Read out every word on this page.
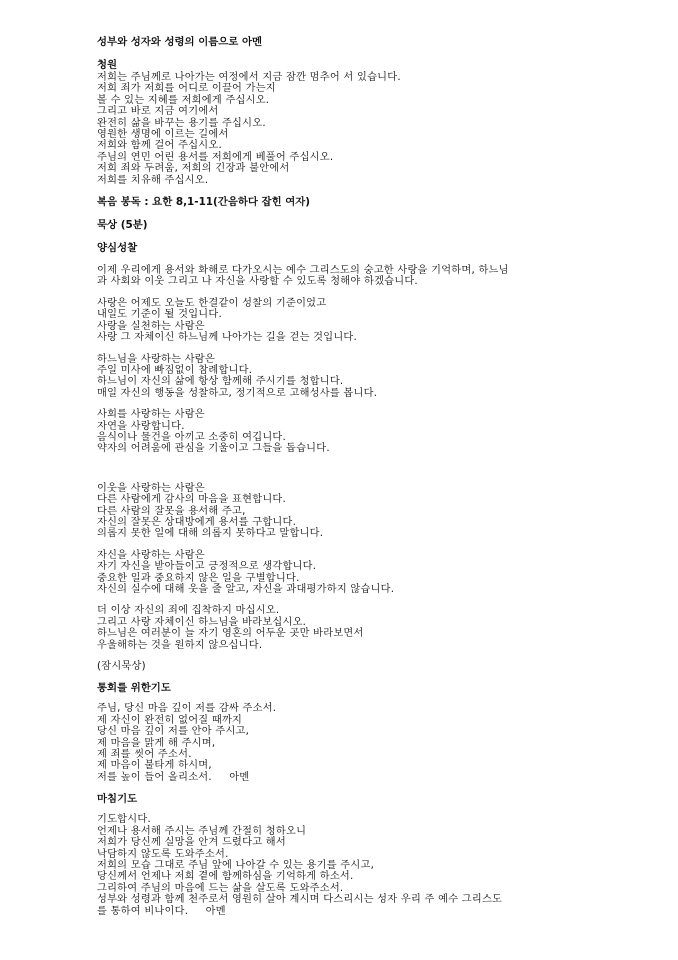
성부와 성자와 성령의 이름으로 아멘
청원
저희는 주님께로 나아가는 여정에서 지금 잠깐 멈추어 서 있습니다.
저희 죄가 저희를 어디로 이끌어 가는지
볼 수 있는 지혜를 저희에게 주십시오.
그리고 바로 지금 여기에서
완전히 삶을 바꾸는 용기를 주십시오.
영원한 생명에 이르는 길에서
저희와 함께 걸어 주십시오.
주님의 연민 어린 용서를 저희에게 베풀어 주십시오.
저희 죄와 두려움, 저희의 긴장과 불안에서
저희를 치유해 주십시오.
복음 봉독 : 요한 8,1-11(간음하다 잡힌 여자)
묵상 (5분)
양심성찰
이제 우리에게 용서와 화해로 다가오시는 예수 그리스도의 숭고한 사랑을 기억하며, 하느님
과 사회와 이웃 그리고 나 자신을 사랑할 수 있도록 청해야 하겠습니다.
사랑은 어제도 오늘도 한결같이 성찰의 기준이었고
내일도 기준이 될 것입니다.
사랑을 실천하는 사람은
사랑 그 자체이신 하느님께 나아가는 길을 걷는 것입니다.
하느님을 사랑하는 사람은
주일 미사에 빠짐없이 참례합니다.
하느님이 자신의 삶에 항상 함께해 주시기를 청합니다.
매일 자신의 행동을 성찰하고, 정기적으로 고해성사를 봅니다.
사회를 사랑하는 사람은
자연을 사랑합니다.
음식이나 물건을 아끼고 소중히 여깁니다.
약자의 어려움에 관심을 기울이고 그들을 돕습니다.
이웃을 사랑하는 사람은
다른 사람에게 감사의 마음을 표현합니다.
다른 사람의 잘못을 용서해 주고,
자신의 잘못은 상대방에게 용서를 구합니다.
의롭지 못한 일에 대해 의롭지 못하다고 말합니다.
자신을 사랑하는 사람은
자기 자신을 받아들이고 긍정적으로 생각합니다.
중요한 일과 중요하지 않은 일을 구별합니다.
자신의 실수에 대해 웃을 줄 알고, 자신을 과대평가하지 않습니다.
더 이상 자신의 죄에 집착하지 마십시오.
그리고 사랑 자체이신 하느님을 바라보십시오.
하느님은 여러분이 늘 자기 영혼의 어두운 곳만 바라보면서
우울해하는 것을 원하지 않으십니다.
(잠시묵상)
통회를 위한기도
주님, 당신 마음 깊이 저를 감싸 주소서.
제 자신이 완전히 없어질 때까지
당신 마음 깊이 저를 안아 주시고,
제 마음을 맑게 해 주시며,
제 죄를 씻어 주소서.
제 마음이 불타게 하시며,
저를 높이 들어 올리소서.     아멘
마침기도
기도합시다.
언제나 용서해 주시는 주님께 간절히 청하오니
저희가 당신께 실망을 안겨 드렸다고 해서
낙담하지 않도록 도와주소서.
저희의 모습 그대로 주님 앞에 나아갈 수 있는 용기를 주시고,
당신께서 언제나 저희 곁에 함께하심을 기억하게 하소서.
그리하여 주님의 마음에 드는 삶을 살도록 도와주소서.
성부와 성령과 함께 천주로서 영원히 살아 계시며 다스리시는 성자 우리 주 예수 그리스도
를 통하여 비나이다.     아멘
